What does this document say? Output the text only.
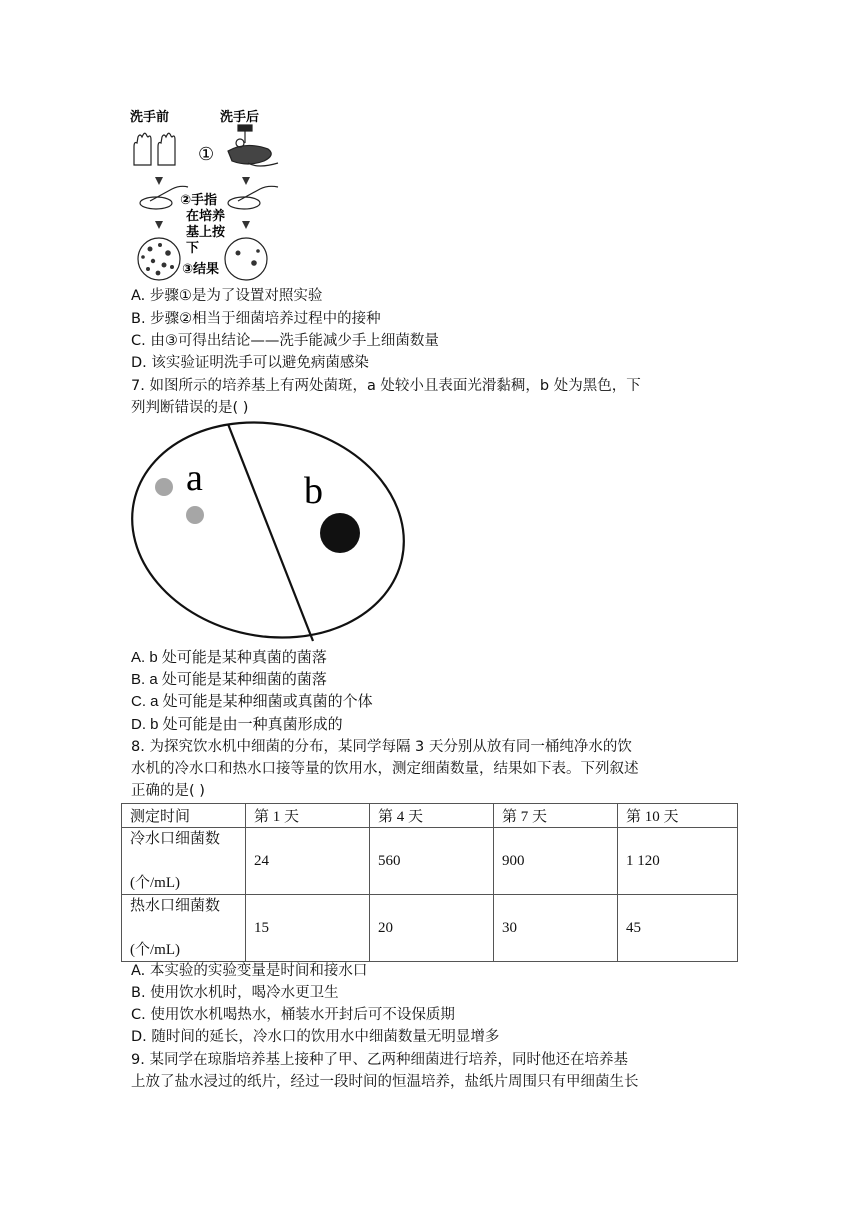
洗手前	洗手后
①
②手指
在培养
基上按
下
③结果
A. 步骤①是为了设置对照实验
B. 步骤②相当于细菌培养过程中的接种
C. 由③可得出结论——洗手能减少手上细菌数量
D. 该实验证明洗手可以避免病菌感染
7. 如图所示的培养基上有两处菌斑，a 处较小且表面光滑黏稠，b 处为黑色，下
列判断错误的是( )
a	b
A. b 处可能是某种真菌的菌落
B. a 处可能是某种细菌的菌落
C. a 处可能是某种细菌或真菌的个体
D. b 处可能是由一种真菌形成的
8. 为探究饮水机中细菌的分布，某同学每隔 3 天分别从放有同一桶纯净水的饮
水机的冷水口和热水口接等量的饮用水，测定细菌数量，结果如下表。下列叙述
正确的是( )
测定时间	第 1 天	第 4 天	第 7 天	第 10 天

冷水口细菌数
(个/mL)	24	560	900	1 120

热水口细菌数
(个/mL)	15	20	30	45
A. 本实验的实验变量是时间和接水口
B. 使用饮水机时，喝冷水更卫生
C. 使用饮水机喝热水，桶装水开封后可不设保质期
D. 随时间的延长，冷水口的饮用水中细菌数量无明显增多
9. 某同学在琼脂培养基上接种了甲、乙两种细菌进行培养，同时他还在培养基
上放了盐水浸过的纸片，经过一段时间的恒温培养，盐纸片周围只有甲细菌生长
